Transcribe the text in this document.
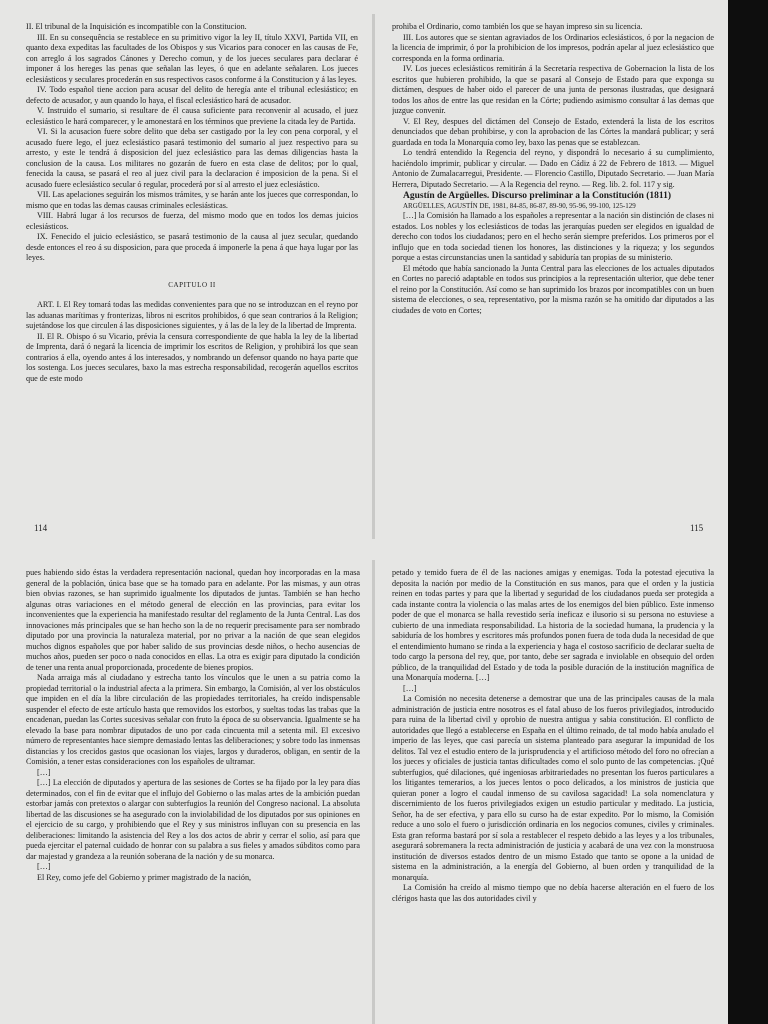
II. El tribunal de la Inquisición es incompatible con la Constitucion.

III. En su consequência se restablece en su primitivo vigor la ley II, título XXVI, Partida VII, en quanto dexa expeditas las facultades de los Obispos y sus Vicarios para conocer en las causas de Fe, con arreglo á los sagrados Cánones y Derecho comun, y de los jueces seculares para declarar é imponer á los hereges las penas que señalan las leyes, ó que en adelante señalaren. Los jueces eclesiásticos y seculares procederán en sus respectivos casos conforme á la Constitucion y á las leyes.

IV. Todo español tiene accion para acusar del delito de heregía ante el tribunal eclesiástico; en defecto de acusador, y aun quando lo haya, el fiscal eclesiástico hará de acusador.

V. Instruido el sumario, si resultare de él causa suficiente para reconvenir al acusado, el juez eclesiástico le hará comparecer, y le amonestará en los términos que previene la citada ley de Partida.

VI. Si la acusacion fuere sobre delito que deba ser castigado por la ley con pena corporal, y el acusado fuere lego, el juez eclesiástico pasará testimonio del sumario al juez respectivo para su arresto, y este le tendrá á disposicion del juez eclesiástico para las demas diligencias hasta la conclusion de la causa. Los militares no gozarán de fuero en esta clase de delitos; por lo qual, fenecida la causa, se pasará el reo al juez civil para la declaracion é imposicion de la pena. Si el acusado fuere eclesiástico secular ó regular, procederá por sí al arresto el juez eclesiástico.

VII. Las apelaciones seguirán los mismos trámites, y se harán ante los jueces que correspondan, lo mismo que en todas las demas causas criminales eclesiásticas.

VIII. Habrá lugar á los recursos de fuerza, del mismo modo que en todos los demas juicios eclesiásticos.

IX. Fenecido el juicio eclesiástico, se pasará testimonio de la causa al juez secular, quedando desde entonces el reo á su disposicion, para que proceda á imponerle la pena á que haya lugar por las leyes.

CAPITULO II

ART. I. El Rey tomará todas las medidas convenientes para que no se introduzcan en el reyno por las aduanas marítimas y fronterizas, libros ni escritos prohibidos, ó que sean contrarios á la Religion; sujetándose los que circulen á las disposiciones siguientes, y á las de la ley de la libertad de Imprenta.

II. El R. Obispo ó su Vicario, prévia la censura correspondiente de que habla la ley de la libertad de Imprenta, dará ó negará la licencia de imprimir los escritos de Religion, y prohibirá los que sean contrarios á ella, oyendo antes á los interesados, y nombrando un defensor quando no haya parte que los sostenga. Los jueces seculares, baxo la mas estrecha responsabilidad, recogerán aquellos escritos que de este modo

114

prohiba el Ordinario, como también los que se hayan impreso sin su licencia.

III. Los autores que se sientan agraviados de los Ordinarios eclesiásticos, ó por la negacion de la licencia de imprimir, ó por la prohibicion de los impresos, podrán apelar al juez eclesiástico que corresponda en la forma ordinaria.

IV. Los jueces eclesiásticos remitirán á la Secretaría respectiva de Gobernacion la lista de los escritos que hubieren prohibido, la que se pasará al Consejo de Estado para que exponga su dictámen, despues de haber oido el parecer de una junta de personas ilustradas, que designará todos los años de entre las que residan en la Córte; pudiendo asimismo consultar á las demas que juzgue convenir.

V. El Rey, despues del dictámen del Consejo de Estado, extenderá la lista de los escritos denunciados que deban prohibirse, y con la aprobacion de las Córtes la mandará publicar; y será guardada en toda la Monarquía como ley, baxo las penas que se establezcan.

Lo tendrá entendido la Regencia del reyno, y dispondrá lo necesario á su cumplimiento, haciéndolo imprimir, publicar y circular. — Dado en Cádiz á 22 de Febrero de 1813. — Miguel Antonio de Zumalacarregui, Presidente. — Florencio Castillo, Diputado Secretario. — Juan María Herrera, Diputado Secretario. — A la Regencia del reyno. — Reg. lib. 2. fol. 117 y sig.

Agustín de Argüelles. Discurso preliminar a la Constitución (1811)

ARGÜELLES, AGUSTÍN DE, 1981, 84-85, 86-87, 89-90, 95-96, 99-100, 125-129

[…] la Comisión ha llamado a los españoles a representar a la nación sin distinción de clases ni estados. Los nobles y los eclesiásticos de todas las jerarquías pueden ser elegidos en igualdad de derecho con todos los ciudadanos; pero en el hecho serán siempre preferidos. Los primeros por el influjo que en toda sociedad tienen los honores, las distinciones y la riqueza; y los segundos porque a estas circunstancias unen la santidad y sabiduría tan propias de su ministerio.

El método que había sancionado la Junta Central para las elecciones de los actuales diputados en Cortes no pareció adaptable en todos sus principios a la representación ulterior, que debe tener el reino por la Constitución. Así como se han suprimido los brazos por incompatibles con un buen sistema de elecciones, o sea, representativo, por la misma razón se ha omitido dar diputados a las ciudades de voto en Cortes;

115

pues habiendo sido éstas la verdadera representación nacional, quedan hoy incorporadas en la masa general de la población, única base que se ha tomado para en adelante. Por las mismas, y aun otras bien obvias razones, se han suprimido igualmente los diputados de juntas. También se han hecho algunas otras variaciones en el método general de elección en las provincias, para evitar los inconvenientes que la experiencia ha manifestado resultar del reglamento de la Junta Central. Las dos innovaciones más principales que se han hecho son la de no requerir precisamente para ser nombrado diputado por una provincia la naturaleza material, por no privar a la nación de que sean elegidos muchos dignos españoles que por haber salido de sus provincias desde niños, o hecho ausencias de muchos años, pueden ser poco o nada conocidos en ellas. La otra es exigir para diputado la condición de tener una renta anual proporcionada, procedente de bienes propios.

Nada arraiga más al ciudadano y estrecha tanto los vínculos que le unen a su patria como la propiedad territorial o la industrial afecta a la primera. Sin embargo, la Comisión, al ver los obstáculos que impiden en el día la libre circulación de las propiedades territoriales, ha creído indispensable suspender el efecto de este artículo hasta que removidos los estorbos, y sueltas todas las trabas que la encadenan, puedan las Cortes sucesivas señalar con fruto la época de su observancia. Igualmente se ha elevado la base para nombrar diputados de uno por cada cincuenta mil a setenta mil. El excesivo número de representantes hace siempre demasiado lentas las deliberaciones; y sobre todo las inmensas distancias y los crecidos gastos que ocasionan los viajes, largos y duraderos, obligan, en sentir de la Comisión, a tener estas consideraciones con los españoles de ultramar.

[…]

[…] La elección de diputados y apertura de las sesiones de Cortes se ha fijado por la ley para días determinados, con el fin de evitar que el influjo del Gobierno o las malas artes de la ambición puedan estorbar jamás con pretextos o alargar con subterfugios la reunión del Congreso nacional. La absoluta libertad de las discusiones se ha asegurado con la inviolabilidad de los diputados por sus opiniones en el ejercicio de su cargo, y prohibiendo que el Rey y sus ministros influyan con su presencia en las deliberaciones: limitando la asistencia del Rey a los dos actos de abrir y cerrar el solio, así para que pueda ejercitar el paternal cuidado de honrar con su palabra a sus fieles y amados súbditos como para dar majestad y grandeza a la reunión soberana de la nación y de su monarca.

[…]

El Rey, como jefe del Gobierno y primer magistrado de la nación,

petado y temido fuera de él de las naciones amigas y enemigas. Toda la potestad ejecutiva la deposita la nación por medio de la Constitución en sus manos, para que el orden y la justicia reinen en todas partes y para que la libertad y seguridad de los ciudadanos pueda ser protegida a cada instante contra la violencia o las malas artes de los enemigos del bien público. Este inmenso poder de que el monarca se halla revestido sería ineficaz e ilusorio si su persona no estuviese a cubierto de una inmediata responsabilidad. La historia de la sociedad humana, la prudencia y la sabiduría de los hombres y escritores más profundos ponen fuera de toda duda la necesidad de que el entendimiento humano se rinda a la experiencia y haga el costoso sacrificio de declarar suelta de todo cargo la persona del rey, que, por tanto, debe ser sagrada e inviolable en obsequio del orden público, de la tranquilidad del Estado y de toda la posible duración de la institución magnífica de una Monarquía moderna. […]

[…]

La Comisión no necesita detenerse a demostrar que una de las principales causas de la mala administración de justicia entre nosotros es el fatal abuso de los fueros privilegiados, introducido para ruina de la libertad civil y oprobio de nuestra antigua y sabia constitución. El conflicto de autoridades que llegó a establecerse en España en el último reinado, de tal modo había anulado el imperio de las leyes, que casi parecía un sistema planteado para asegurar la impunidad de los delitos. Tal vez el estudio entero de la jurisprudencia y el artificioso método del foro no ofrecían a los jueces y oficiales de justicia tantas dificultades como el solo punto de las competencias. ¡Qué subterfugios, qué dilaciones, qué ingeniosas arbitrariedades no presentan los fueros particulares a los litigantes temerarios, a los jueces lentos o poco delicados, a los ministros de justicia que quieran poner a logro el caudal inmenso de su cavilosa sagacidad! La sola nomenclatura y discernimiento de los fueros privilegiados exigen un estudio particular y meditado. La justicia, Señor, ha de ser efectiva, y para ello su curso ha de estar expedito. Por lo mismo, la Comisión reduce a uno solo el fuero o jurisdicción ordinaria en los negocios comunes, civiles y criminales. Esta gran reforma bastará por sí sola a restablecer el respeto debido a las leyes y a los tribunales, asegurará sobremanera la recta administración de justicia y acabará de una vez con la monstruosa institución de diversos estados dentro de un mismo Estado que tanto se opone a la unidad de sistema en la administración, a la energía del Gobierno, al buen orden y tranquilidad de la monarquía.

La Comisión ha creído al mismo tiempo que no debía hacerse alteración en el fuero de los clérigos hasta que las dos autoridades civil y
